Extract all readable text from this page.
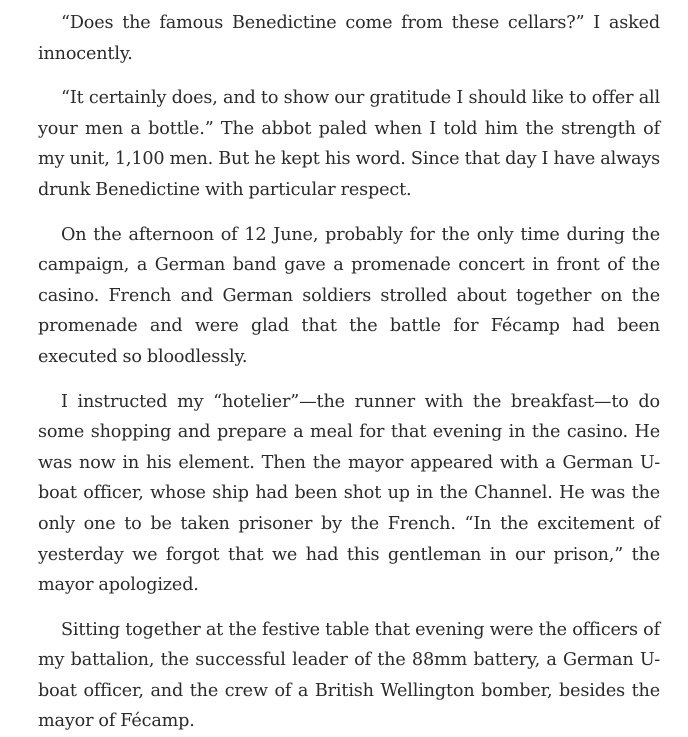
“Does the famous Benedictine come from these cellars?” I asked innocently.

“It certainly does, and to show our gratitude I should like to offer all your men a bottle.” The abbot paled when I told him the strength of my unit, 1,100 men. But he kept his word. Since that day I have always drunk Benedictine with particular respect.

On the afternoon of 12 June, probably for the only time during the campaign, a German band gave a promenade concert in front of the casino. French and German soldiers strolled about together on the promenade and were glad that the battle for Fécamp had been executed so bloodlessly.

I instructed my “hotelier”—the runner with the breakfast—to do some shopping and prepare a meal for that evening in the casino. He was now in his element. Then the mayor appeared with a German U-boat officer, whose ship had been shot up in the Channel. He was the only one to be taken prisoner by the French. “In the excitement of yesterday we forgot that we had this gentleman in our prison,” the mayor apologized.

Sitting together at the festive table that evening were the officers of my battalion, the successful leader of the 88mm battery, a German U-boat officer, and the crew of a British Wellington bomber, besides the mayor of Fécamp.
